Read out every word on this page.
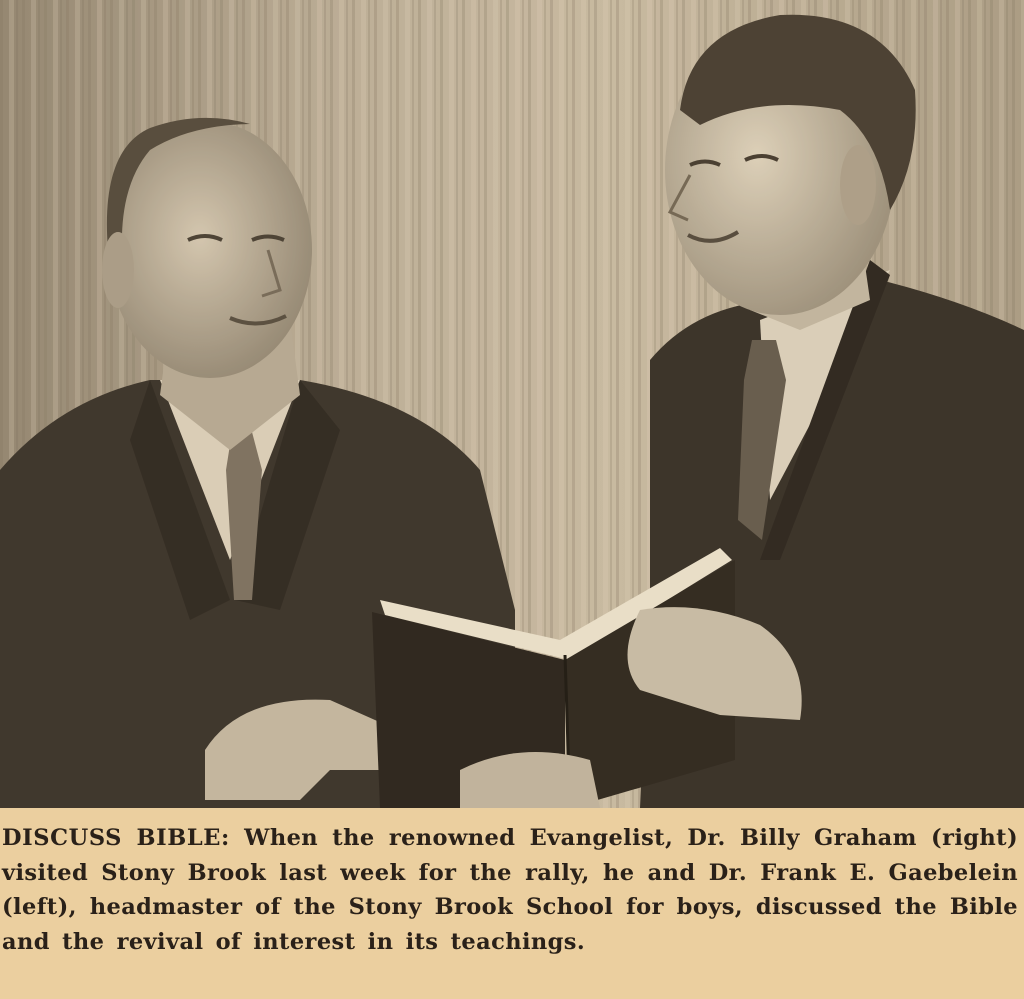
DISCUSS BIBLE: When the renowned Evangelist, Dr. Billy Graham (right) visited Stony Brook last week for the rally, he and Dr. Frank E. Gaebelein (left), headmaster of the Stony Brook School for boys, discussed the Bible and the revival of interest in its teachings.
